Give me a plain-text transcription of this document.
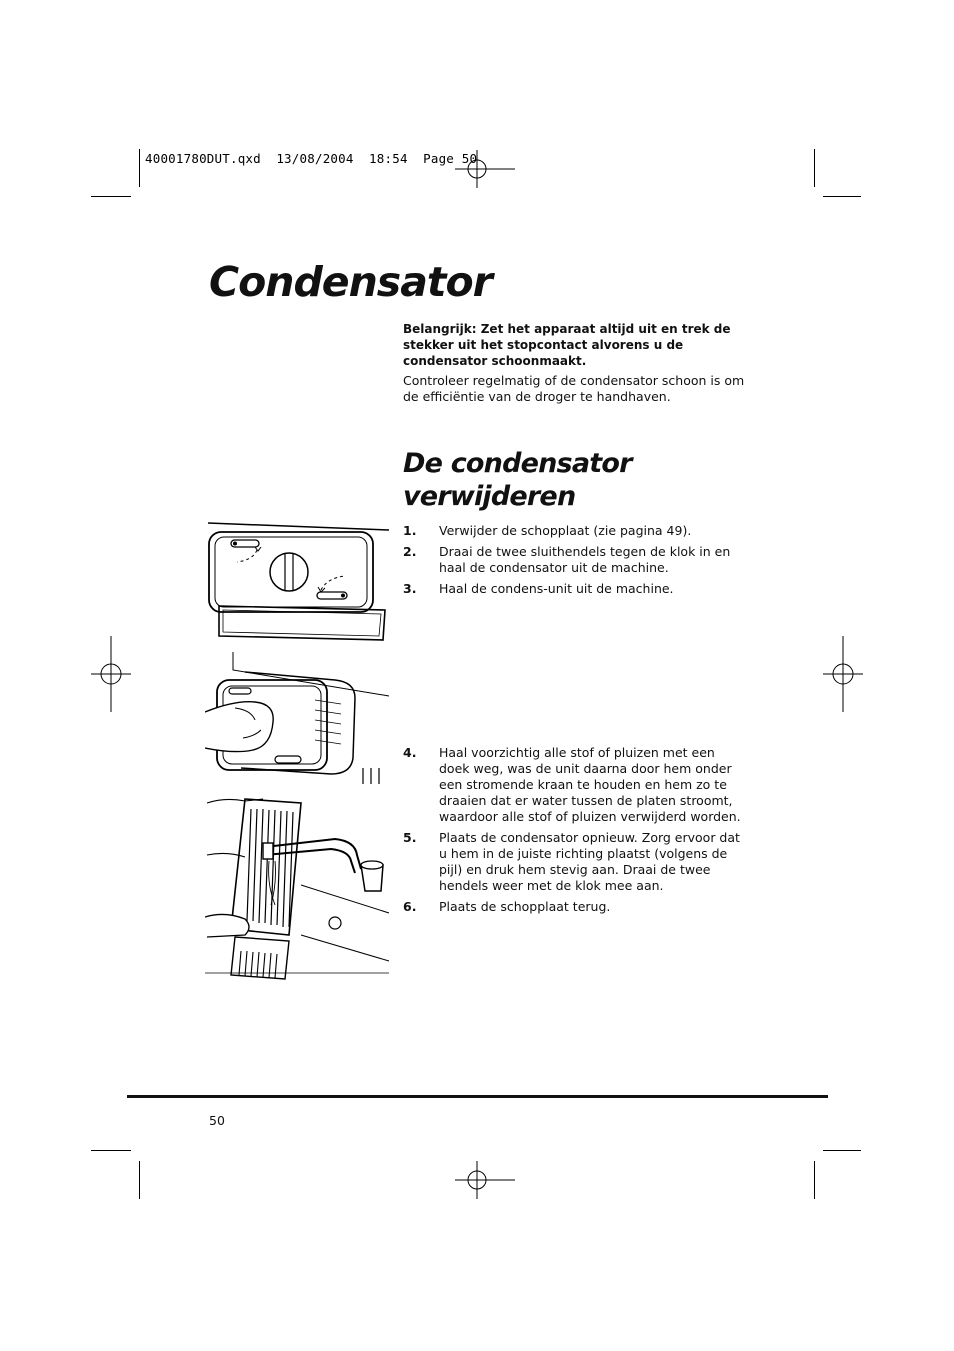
40001780DUT.qxd  13/08/2004  18:54  Page 50
Condensator

Belangrijk: Zet het apparaat altijd uit en trek de stekker uit het stopcontact alvorens u de condensator schoonmaakt.

Controleer regelmatig of de condensator schoon is om de efficiëntie van de droger te handhaven.

De condensator verwijderen
1. Verwijder de schopplaat (zie pagina 49).
2. Draai de twee sluithendels tegen de klok in en haal de condensator uit de machine.
3. Haal de condens-unit uit de machine.
4. Haal voorzichtig alle stof of pluizen met een doek weg, was de unit daarna door hem onder een stromende kraan te houden en hem zo te draaien dat er water tussen de platen stroomt, waardoor alle stof of pluizen verwijderd worden.
5. Plaats de condensator opnieuw. Zorg ervoor dat u hem in de juiste richting plaatst (volgens de pijl) en druk hem stevig aan. Draai de twee hendels weer met de klok mee aan.
6. Plaats de schopplaat terug.
50
